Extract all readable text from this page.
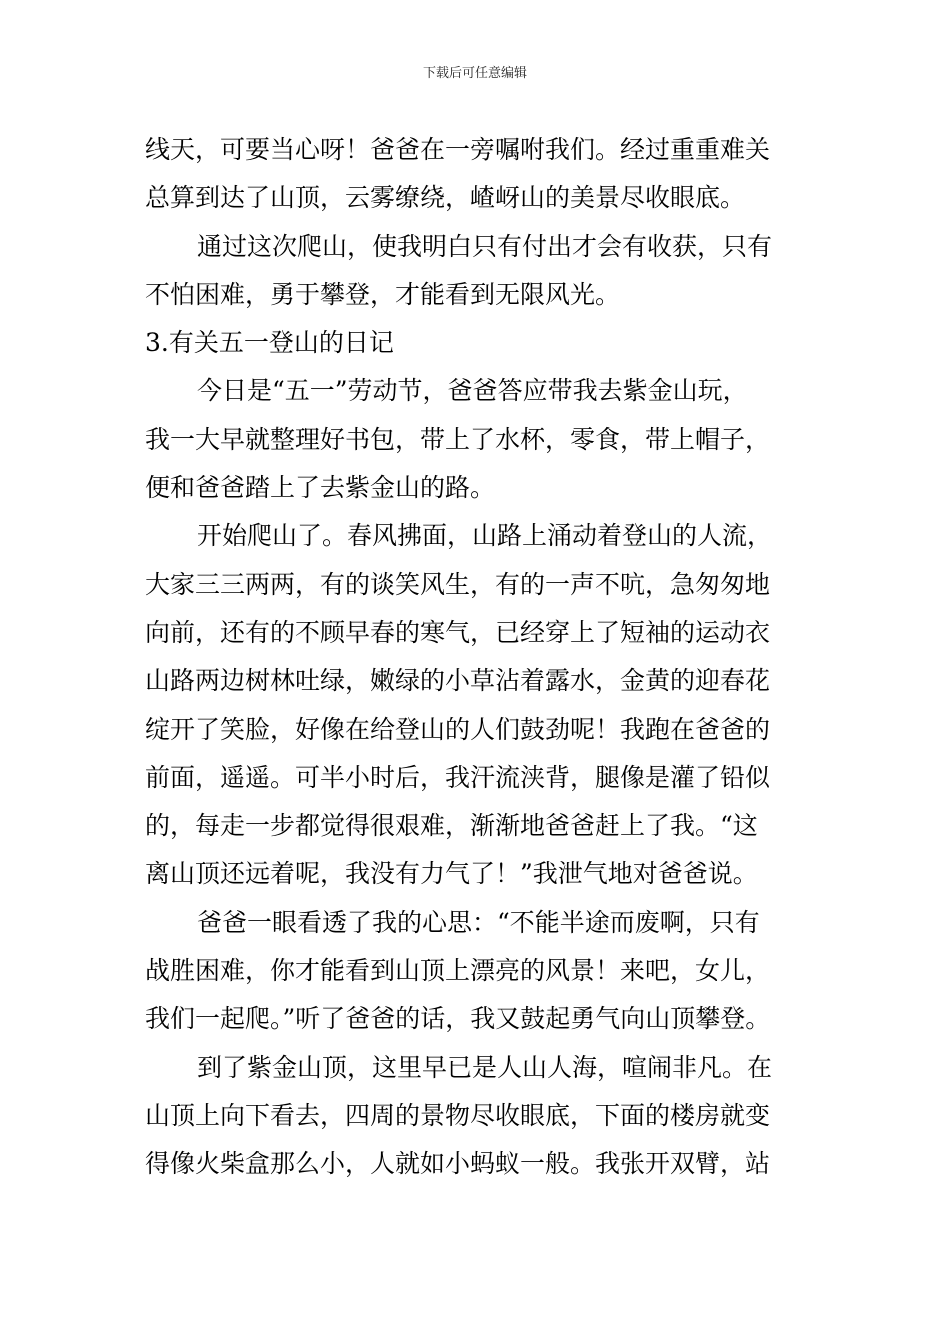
下载后可任意编辑
线天，可要当心呀！爸爸在一旁嘱咐我们。经过重重难关
总算到达了山顶，云雾缭绕，嵖岈山的美景尽收眼底。
通过这次爬山，使我明白只有付出才会有收获，只有
不怕困难，勇于攀登，才能看到无限风光。
3.有关五一登山的日记
今日是“五一”劳动节，爸爸答应带我去紫金山玩，
我一大早就整理好书包，带上了水杯，零食，带上帽子，
便和爸爸踏上了去紫金山的路。
开始爬山了。春风拂面，山路上涌动着登山的人流，
大家三三两两，有的谈笑风生，有的一声不吭，急匆匆地
向前，还有的不顾早春的寒气，已经穿上了短袖的运动衣
山路两边树林吐绿，嫩绿的小草沾着露水，金黄的迎春花
绽开了笑脸，好像在给登山的人们鼓劲呢！我跑在爸爸的
前面，遥遥。可半小时后，我汗流浃背，腿像是灌了铅似
的，每走一步都觉得很艰难，渐渐地爸爸赶上了我。“这
离山顶还远着呢，我没有力气了！”我泄气地对爸爸说。
爸爸一眼看透了我的心思：“不能半途而废啊，只有
战胜困难，你才能看到山顶上漂亮的风景！来吧，女儿，
我们一起爬。”听了爸爸的话，我又鼓起勇气向山顶攀登。
到了紫金山顶，这里早已是人山人海，喧闹非凡。在
山顶上向下看去，四周的景物尽收眼底，下面的楼房就变
得像火柴盒那么小，人就如小蚂蚁一般。我张开双臂，站
